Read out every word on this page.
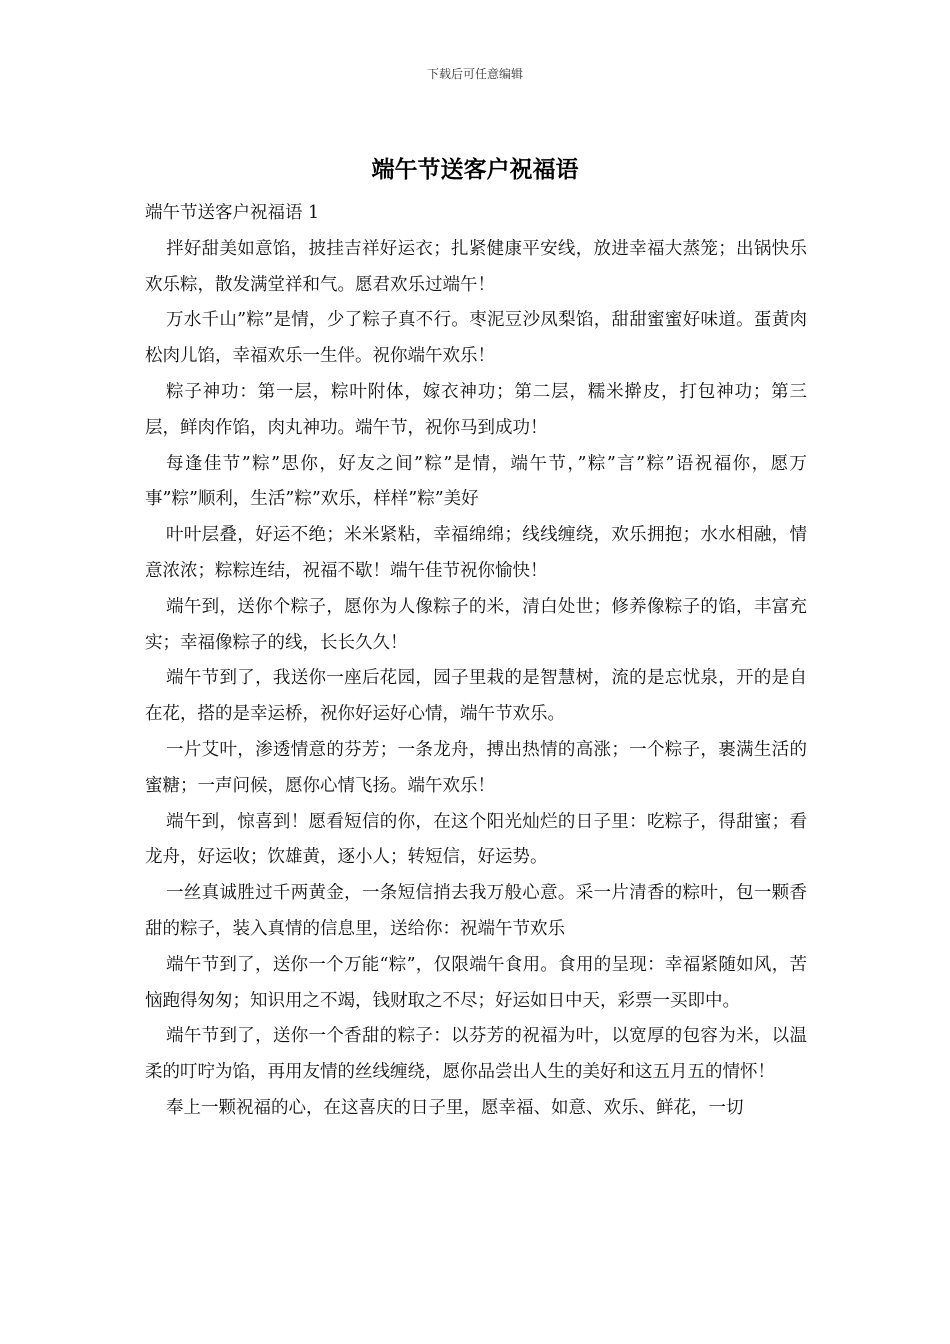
下载后可任意编辑
端午节送客户祝福语

端午节送客户祝福语 1

拌好甜美如意馅，披挂吉祥好运衣；扎紧健康平安线，放进幸福大蒸笼；出锅快乐欢乐粽，散发满堂祥和气。愿君欢乐过端午！

万水千山”粽”是情，少了粽子真不行。枣泥豆沙凤梨馅，甜甜蜜蜜好味道。蛋黄肉松肉儿馅，幸福欢乐一生伴。祝你端午欢乐！

粽子神功：第一层，粽叶附体，嫁衣神功；第二层，糯米擀皮，打包神功；第三层，鲜肉作馅，肉丸神功。端午节，祝你马到成功！

每逢佳节”粽”思你，好友之间”粽”是情，端午节，”粽”言”粽”语祝福你，愿万事”粽”顺利，生活”粽”欢乐，样样”粽”美好

叶叶层叠，好运不绝；米米紧粘，幸福绵绵；线线缠绕，欢乐拥抱；水水相融，情意浓浓；粽粽连结，祝福不歇！端午佳节祝你愉快！

端午到，送你个粽子，愿你为人像粽子的米，清白处世；修养像粽子的馅，丰富充实；幸福像粽子的线，长长久久！

端午节到了，我送你一座后花园，园子里栽的是智慧树，流的是忘忧泉，开的是自在花，搭的是幸运桥，祝你好运好心情，端午节欢乐。

一片艾叶，渗透情意的芬芳；一条龙舟，搏出热情的高涨；一个粽子，裹满生活的蜜糖；一声问候，愿你心情飞扬。端午欢乐！

端午到，惊喜到！愿看短信的你，在这个阳光灿烂的日子里：吃粽子，得甜蜜；看龙舟，好运收；饮雄黄，逐小人；转短信，好运势。

一丝真诚胜过千两黄金，一条短信捎去我万般心意。采一片清香的粽叶，包一颗香甜的粽子，装入真情的信息里，送给你：祝端午节欢乐

端午节到了，送你一个万能“粽”，仅限端午食用。食用的呈现：幸福紧随如风，苦恼跑得匆匆；知识用之不竭，钱财取之不尽；好运如日中天，彩票一买即中。

端午节到了，送你一个香甜的粽子：以芬芳的祝福为叶，以宽厚的包容为米，以温柔的叮咛为馅，再用友情的丝线缠绕，愿你品尝出人生的美好和这五月五的情怀！

奉上一颗祝福的心，在这喜庆的日子里，愿幸福、如意、欢乐、鲜花，一切
